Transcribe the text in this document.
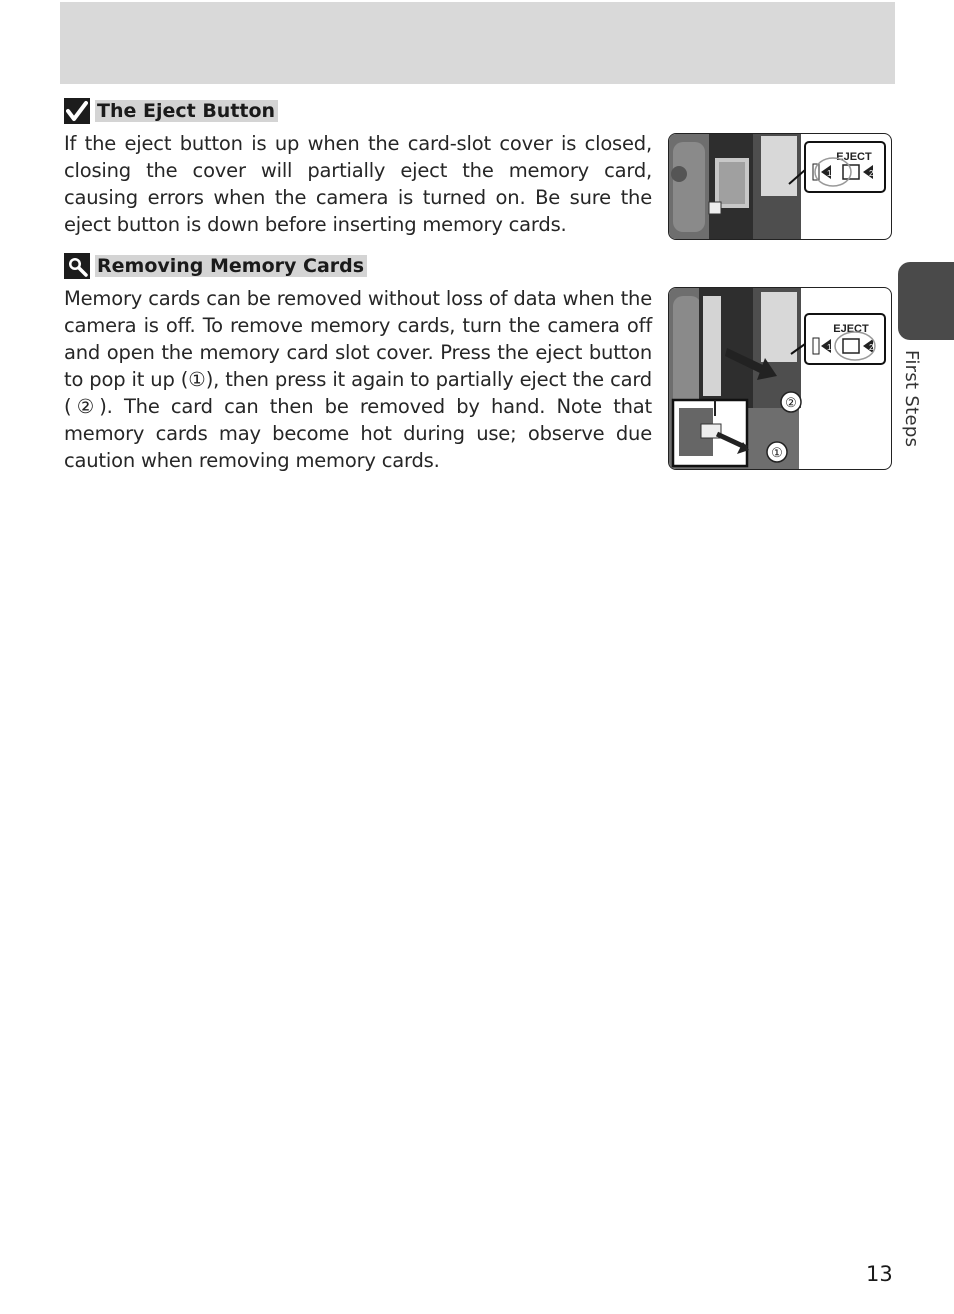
The Eject Button

If the eject button is up when the card-slot cover is closed, closing the cover will partially eject the memory card, causing errors when the camera is turned on. Be sure the eject button is down before inserting memory cards.

EJECT
1	2
Removing Memory Cards

Memory cards can be removed without loss of data when the camera is off. To remove memory cards, turn the camera off and open the memory card slot cover. Press the eject button to pop it up (①), then press it again to partially eject the card (②). The card can then be removed by hand. Note that memory cards may become hot during use; observe due caution when removing memory cards.

②
①
EJECT
1	2
First Steps
13
